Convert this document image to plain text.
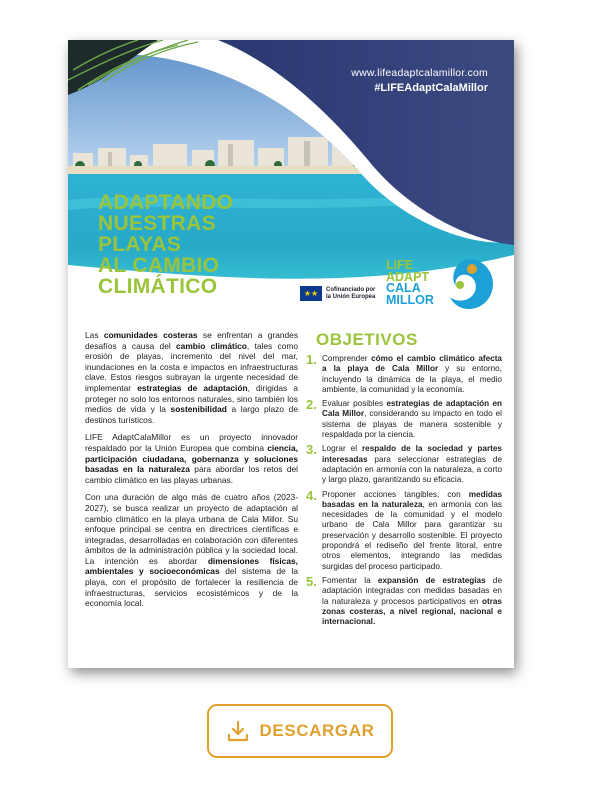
www.lifeadaptcalamillor.com
#LIFEAdaptCalaMillor
ADAPTANDO
NUESTRAS
PLAYAS
AL CAMBIO
CLIMÁTICO	★★ Cofinanciado por
la Unión Europea
LIFE
ADAPT
CALA
MILLOR

Las comunidades costeras se enfrentan a grandes desafíos a causa del cambio climático, tales como erosión de playas, incremento del nivel del mar, inundaciones en la costa e impactos en infraestructuras clave. Estos riesgos subrayan la urgente necesidad de implementar estrategias de adaptación, dirigidas a proteger no solo los entornos naturales, sino también los medios de vida y la sostenibilidad a largo plazo de destinos turísticos.

LIFE AdaptCalaMillor es un proyecto innovador respaldado por la Unión Europea que combina ciencia, participación ciudadana, gobernanza y soluciones basadas en la naturaleza para abordar los retos del cambio climático en las playas urbanas.

Con una duración de algo más de cuatro años (2023-2027), se busca realizar un proyecto de adaptación al cambio climático en la playa urbana de Cala Millor. Su enfoque principal se centra en directrices científicas e integradas, desarrolladas en colaboración con diferentes ámbitos de la administración pública y la sociedad local. La intención es abordar dimensiones físicas, ambientales y socioeconómicas del sistema de la playa, con el propósito de fortalecer la resiliencia de infraestructuras, servicios ecosistémicos y de la economía local.

OBJETIVOS
1. Comprender cómo el cambio climático afecta a la playa de Cala Millor y su entorno, incluyendo la dinámica de la playa, el medio ambiente, la comunidad y la economía.
2. Evaluar posibles estrategias de adaptación en Cala Millor, considerando su impacto en todo el sistema de playas de manera sostenible y respaldada por la ciencia.
3. Lograr el respaldo de la sociedad y partes interesadas para seleccionar estrategias de adaptación en armonía con la naturaleza, a corto y largo plazo, garantizando su eficacia.
4. Proponer acciones tangibles, con medidas basadas en la naturaleza, en armonía con las necesidades de la comunidad y el modelo urbano de Cala Millor para garantizar su preservación y desarrollo sostenible. El proyecto propondrá el rediseño del frente litoral, entre otros elementos, integrando las medidas surgidas del proceso participado.
5. Fomentar la expansión de estrategias de adaptación integradas con medidas basadas en la naturaleza y procesos participativos en otras zonas costeras, a nivel regional, nacional e internacional.
DESCARGAR
